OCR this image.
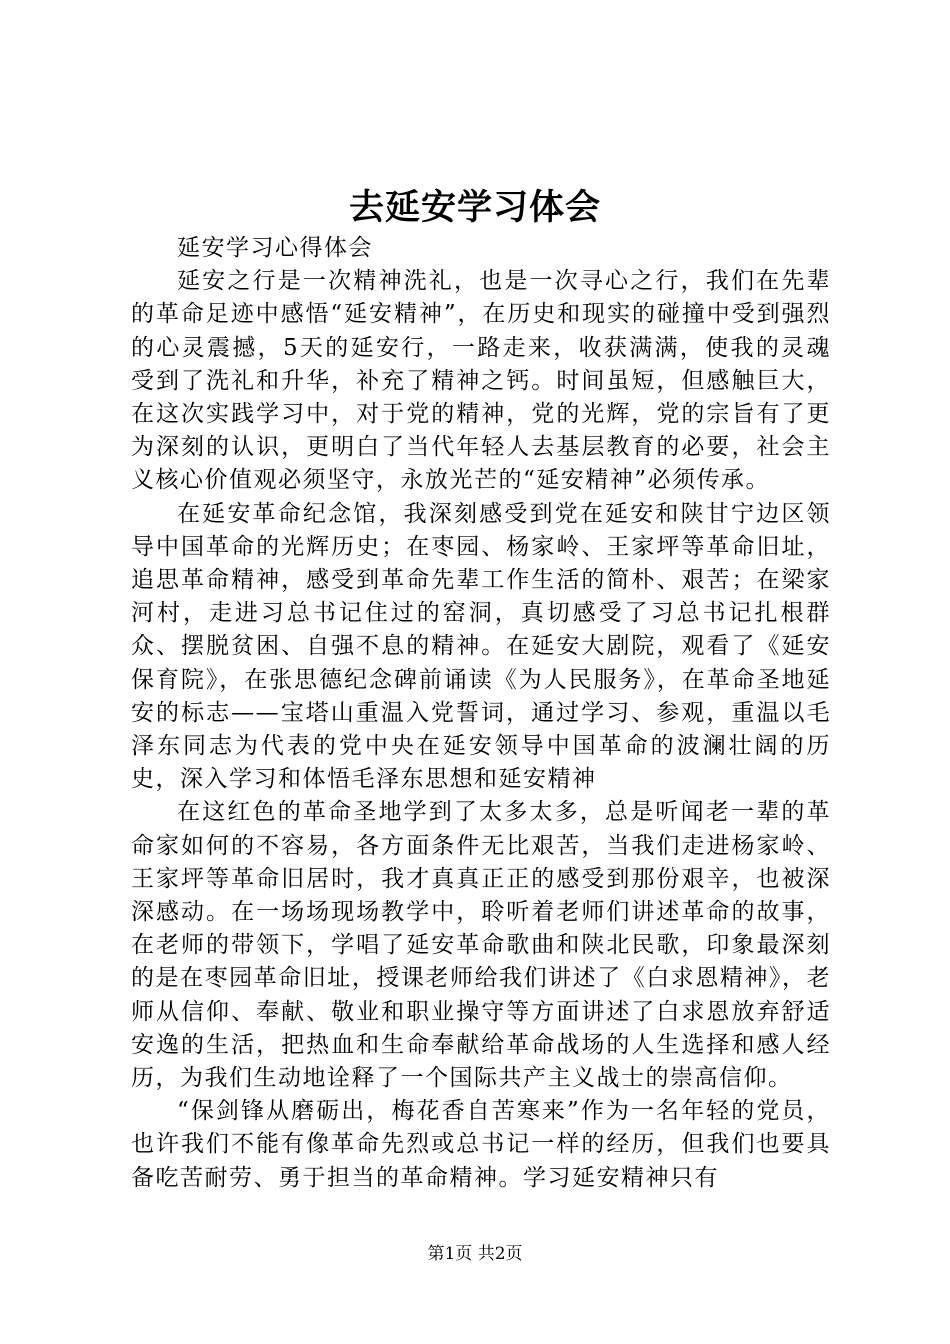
去延安学习体会

延安学习心得体会

延安之行是一次精神洗礼，也是一次寻心之行，我们在先辈的革命足迹中感悟“延安精神”，在历史和现实的碰撞中受到强烈的心灵震撼，5天的延安行，一路走来，收获满满，使我的灵魂受到了洗礼和升华，补充了精神之钙。时间虽短，但感触巨大，在这次实践学习中，对于党的精神，党的光辉，党的宗旨有了更为深刻的认识，更明白了当代年轻人去基层教育的必要，社会主义核心价值观必须坚守，永放光芒的“延安精神”必须传承。

在延安革命纪念馆，我深刻感受到党在延安和陕甘宁边区领导中国革命的光辉历史；在枣园、杨家岭、王家坪等革命旧址，追思革命精神，感受到革命先辈工作生活的简朴、艰苦；在梁家河村，走进习总书记住过的窑洞，真切感受了习总书记扎根群众、摆脱贫困、自强不息的精神。在延安大剧院，观看了《延安保育院》，在张思德纪念碑前诵读《为人民服务》，在革命圣地延安的标志——宝塔山重温入党誓词，通过学习、参观，重温以毛泽东同志为代表的党中央在延安领导中国革命的波澜壮阔的历史，深入学习和体悟毛泽东思想和延安精神

在这红色的革命圣地学到了太多太多，总是听闻老一辈的革命家如何的不容易，各方面条件无比艰苦，当我们走进杨家岭、王家坪等革命旧居时，我才真真正正的感受到那份艰辛，也被深深感动。在一场场现场教学中，聆听着老师们讲述革命的故事，在老师的带领下，学唱了延安革命歌曲和陕北民歌，印象最深刻的是在枣园革命旧址，授课老师给我们讲述了《白求恩精神》，老师从信仰、奉献、敬业和职业操守等方面讲述了白求恩放弃舒适安逸的生活，把热血和生命奉献给革命战场的人生选择和感人经历，为我们生动地诠释了一个国际共产主义战士的崇高信仰。

“保剑锋从磨砺出，梅花香自苦寒来”作为一名年轻的党员，也许我们不能有像革命先烈或总书记一样的经历，但我们也要具备吃苦耐劳、勇于担当的革命精神。学习延安精神只有

第1页 共2页
